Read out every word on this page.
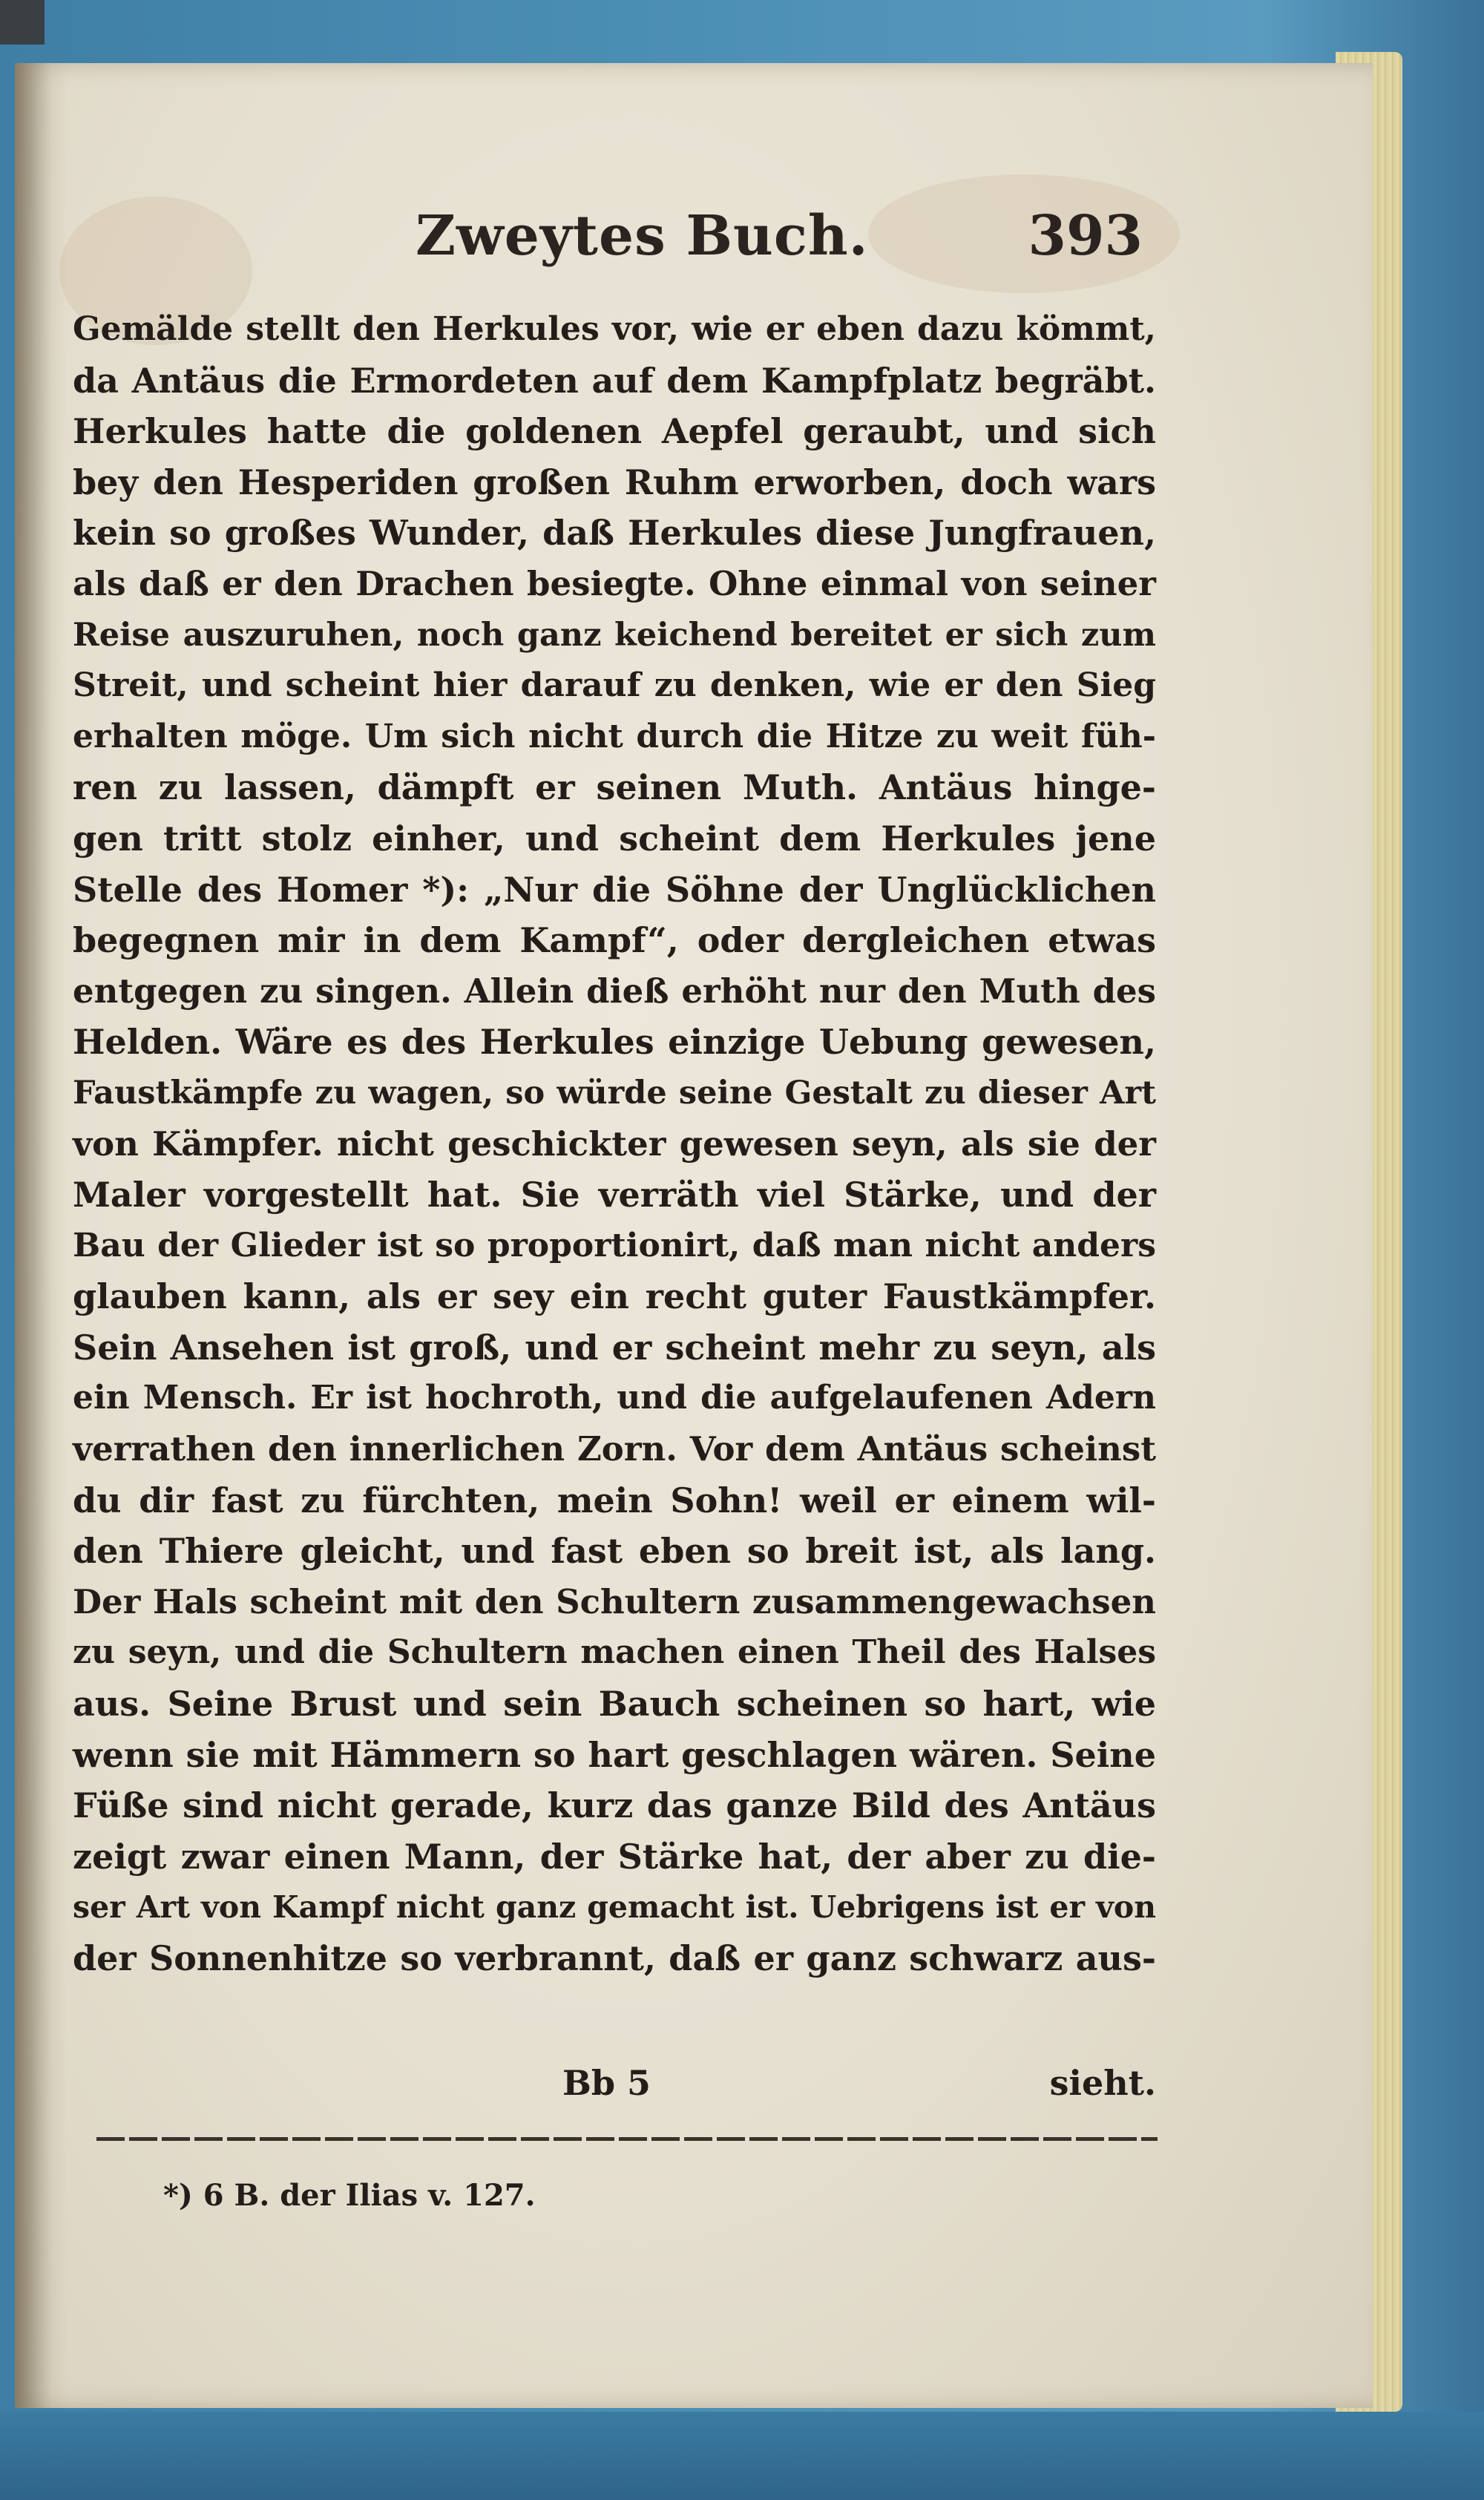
Zweytes Buch.	393
Gemälde stellt den Herkules vor, wie er eben dazu kömmt,
da Antäus die Ermordeten auf dem Kampfplatz begräbt.
Herkules hatte die goldenen Aepfel geraubt, und sich
bey den Hesperiden großen Ruhm erworben, doch wars
kein so großes Wunder, daß Herkules diese Jungfrauen,
als daß er den Drachen besiegte. Ohne einmal von seiner
Reise auszuruhen, noch ganz keichend bereitet er sich zum
Streit, und scheint hier darauf zu denken, wie er den Sieg
erhalten möge. Um sich nicht durch die Hitze zu weit füh-
ren zu lassen, dämpft er seinen Muth. Antäus hinge-
gen tritt stolz einher, und scheint dem Herkules jene
Stelle des Homer *): „Nur die Söhne der Unglücklichen
begegnen mir in dem Kampf“, oder dergleichen etwas
entgegen zu singen. Allein dieß erhöht nur den Muth des
Helden. Wäre es des Herkules einzige Uebung gewesen,
Faustkämpfe zu wagen, so würde seine Gestalt zu dieser Art
von Kämpfer. nicht geschickter gewesen seyn, als sie der
Maler vorgestellt hat. Sie verräth viel Stärke, und der
Bau der Glieder ist so proportionirt, daß man nicht anders
glauben kann, als er sey ein recht guter Faustkämpfer.
Sein Ansehen ist groß, und er scheint mehr zu seyn, als
ein Mensch. Er ist hochroth, und die aufgelaufenen Adern
verrathen den innerlichen Zorn. Vor dem Antäus scheinst
du dir fast zu fürchten, mein Sohn! weil er einem wil-
den Thiere gleicht, und fast eben so breit ist, als lang.
Der Hals scheint mit den Schultern zusammengewachsen
zu seyn, und die Schultern machen einen Theil des Halses
aus. Seine Brust und sein Bauch scheinen so hart, wie
wenn sie mit Hämmern so hart geschlagen wären. Seine
Füße sind nicht gerade, kurz das ganze Bild des Antäus
zeigt zwar einen Mann, der Stärke hat, der aber zu die-
ser Art von Kampf nicht ganz gemacht ist. Uebrigens ist er von
der Sonnenhitze so verbrannt, daß er ganz schwarz aus-
Bb 5	sieht.
*) 6 B. der Ilias v. 127.
